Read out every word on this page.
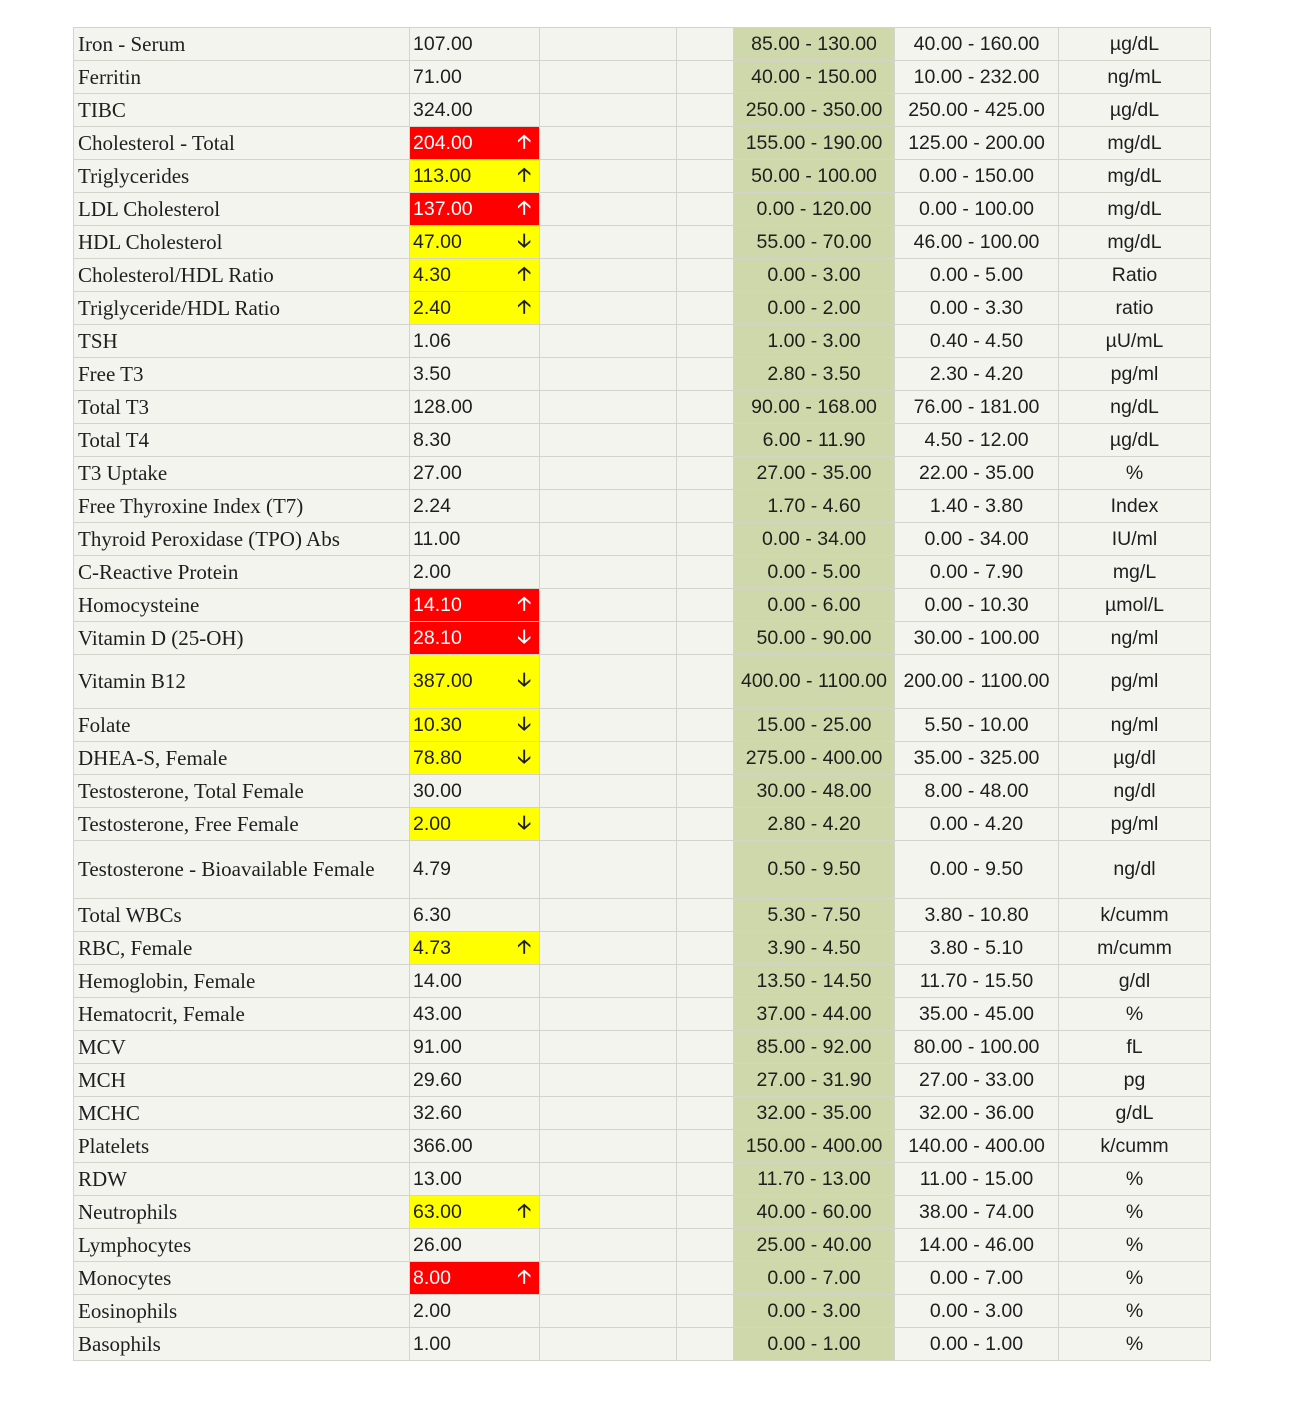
Iron - Serum	107.00			85.00 - 130.00	40.00 - 160.00	µg/dL
Ferritin	71.00			40.00 - 150.00	10.00 - 232.00	ng/mL
TIBC	324.00			250.00 - 350.00	250.00 - 425.00	µg/dL
Cholesterol - Total	204.00 🡡			155.00 - 190.00	125.00 - 200.00	mg/dL
Triglycerides	113.00 🡡			50.00 - 100.00	0.00 - 150.00	mg/dL
LDL Cholesterol	137.00 🡡			0.00 - 120.00	0.00 - 100.00	mg/dL
HDL Cholesterol	47.00 🡣			55.00 - 70.00	46.00 - 100.00	mg/dL
Cholesterol/HDL Ratio	4.30 🡡			0.00 - 3.00	0.00 - 5.00	Ratio
Triglyceride/HDL Ratio	2.40 🡡			0.00 - 2.00	0.00 - 3.30	ratio
TSH	1.06			1.00 - 3.00	0.40 - 4.50	µU/mL
Free T3	3.50			2.80 - 3.50	2.30 - 4.20	pg/ml
Total T3	128.00			90.00 - 168.00	76.00 - 181.00	ng/dL
Total T4	8.30			6.00 - 11.90	4.50 - 12.00	µg/dL
T3 Uptake	27.00			27.00 - 35.00	22.00 - 35.00	%
Free Thyroxine Index (T7)	2.24			1.70 - 4.60	1.40 - 3.80	Index
Thyroid Peroxidase (TPO) Abs	11.00			0.00 - 34.00	0.00 - 34.00	IU/ml
C-Reactive Protein	2.00			0.00 - 5.00	0.00 - 7.90	mg/L
Homocysteine	14.10 🡡			0.00 - 6.00	0.00 - 10.30	µmol/L
Vitamin D (25-OH)	28.10 🡣			50.00 - 90.00	30.00 - 100.00	ng/ml
Vitamin B12	387.00 🡣			400.00 - 1100.00	200.00 - 1100.00	pg/ml
Folate	10.30 🡣			15.00 - 25.00	5.50 - 10.00	ng/ml
DHEA-S, Female	78.80 🡣			275.00 - 400.00	35.00 - 325.00	µg/dl
Testosterone, Total Female	30.00			30.00 - 48.00	8.00 - 48.00	ng/dl
Testosterone, Free Female	2.00 🡣			2.80 - 4.20	0.00 - 4.20	pg/ml
Testosterone - Bioavailable Female	4.79			0.50 - 9.50	0.00 - 9.50	ng/dl
Total WBCs	6.30			5.30 - 7.50	3.80 - 10.80	k/cumm
RBC, Female	4.73 🡡			3.90 - 4.50	3.80 - 5.10	m/cumm
Hemoglobin, Female	14.00			13.50 - 14.50	11.70 - 15.50	g/dl
Hematocrit, Female	43.00			37.00 - 44.00	35.00 - 45.00	%
MCV	91.00			85.00 - 92.00	80.00 - 100.00	fL
MCH	29.60			27.00 - 31.90	27.00 - 33.00	pg
MCHC	32.60			32.00 - 35.00	32.00 - 36.00	g/dL
Platelets	366.00			150.00 - 400.00	140.00 - 400.00	k/cumm
RDW	13.00			11.70 - 13.00	11.00 - 15.00	%
Neutrophils	63.00 🡡			40.00 - 60.00	38.00 - 74.00	%
Lymphocytes	26.00			25.00 - 40.00	14.00 - 46.00	%
Monocytes	8.00 🡡			0.00 - 7.00	0.00 - 7.00	%
Eosinophils	2.00			0.00 - 3.00	0.00 - 3.00	%
Basophils	1.00			0.00 - 1.00	0.00 - 1.00	%
